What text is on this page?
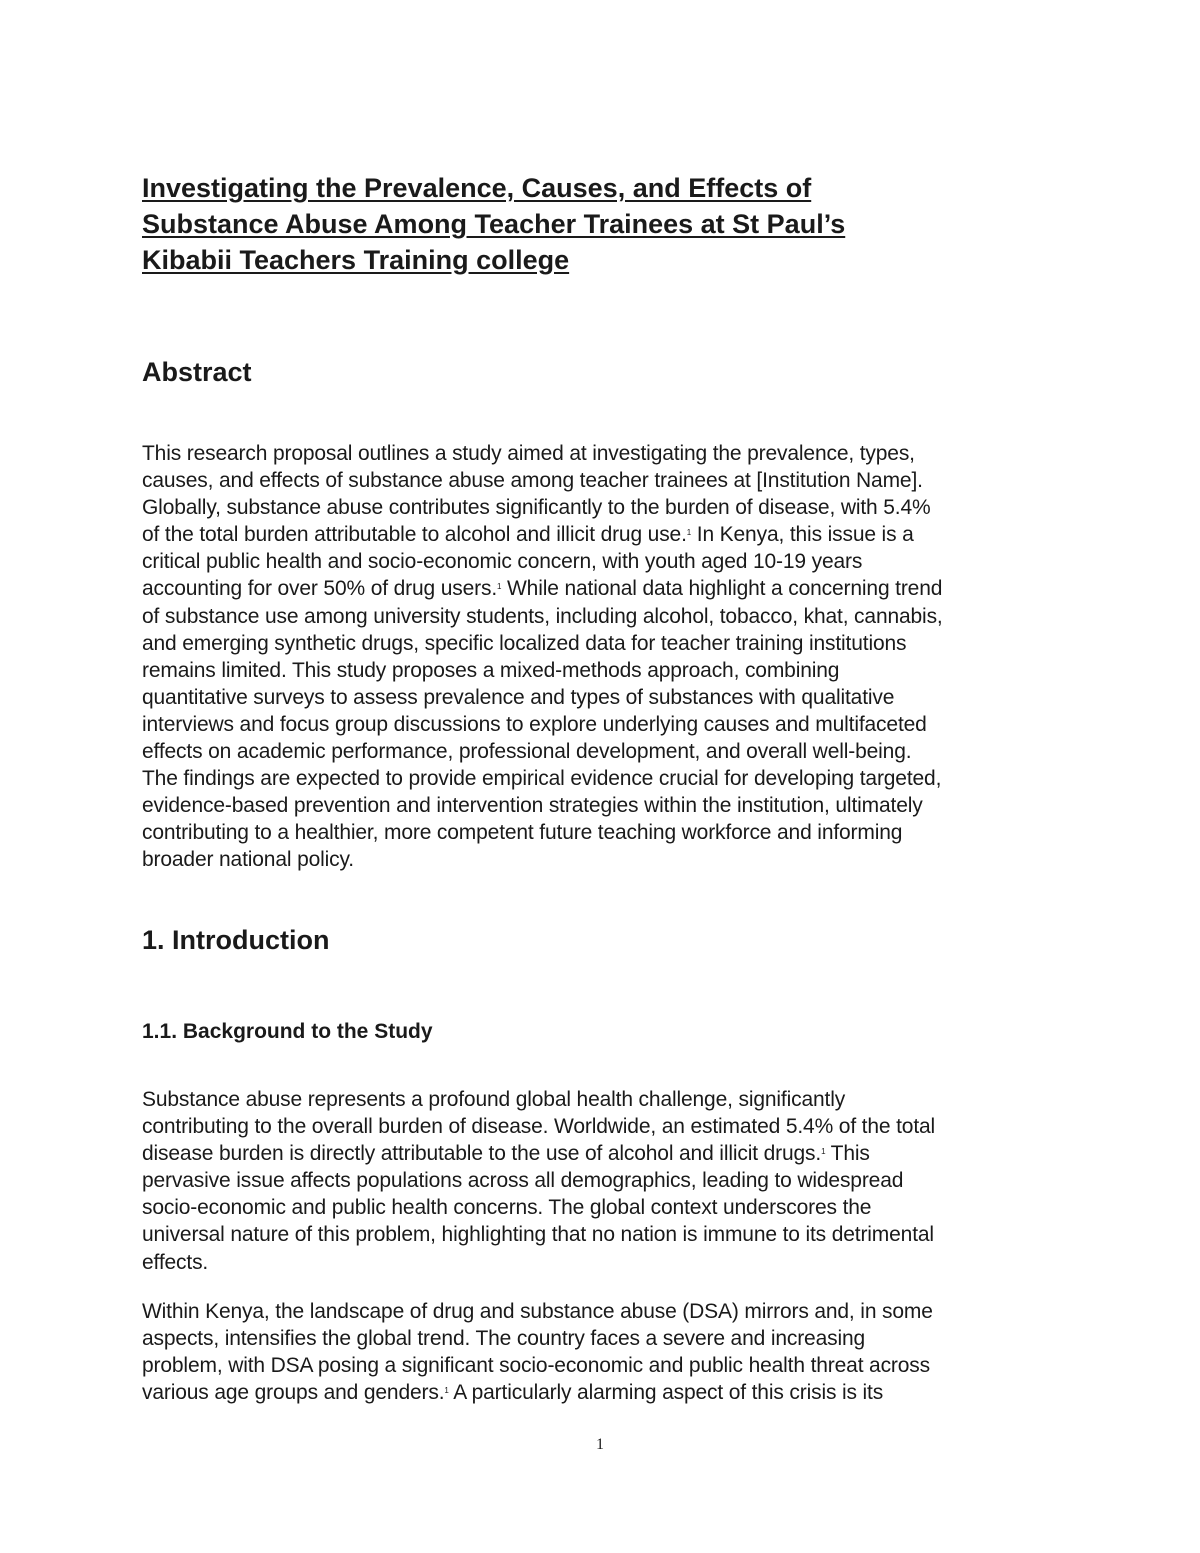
Investigating the Prevalence, Causes, and Effects of
Substance Abuse Among Teacher Trainees at St Paul’s
Kibabii Teachers Training college
Abstract

This research proposal outlines a study aimed at investigating the prevalence, types,
causes, and effects of substance abuse among teacher trainees at [Institution Name].
Globally, substance abuse contributes significantly to the burden of disease, with 5.4%
of the total burden attributable to alcohol and illicit drug use.$^1$ In Kenya, this issue is a
critical public health and socio-economic concern, with youth aged 10-19 years
accounting for over 50% of drug users.$^1$ While national data highlight a concerning trend
of substance use among university students, including alcohol, tobacco, khat, cannabis,
and emerging synthetic drugs, specific localized data for teacher training institutions
remains limited. This study proposes a mixed-methods approach, combining
quantitative surveys to assess prevalence and types of substances with qualitative
interviews and focus group discussions to explore underlying causes and multifaceted
effects on academic performance, professional development, and overall well-being.
The findings are expected to provide empirical evidence crucial for developing targeted,
evidence-based prevention and intervention strategies within the institution, ultimately
contributing to a healthier, more competent future teaching workforce and informing
broader national policy.

1. Introduction
1.1. Background to the Study

Substance abuse represents a profound global health challenge, significantly
contributing to the overall burden of disease. Worldwide, an estimated 5.4% of the total
disease burden is directly attributable to the use of alcohol and illicit drugs.$^1$ This
pervasive issue affects populations across all demographics, leading to widespread
socio-economic and public health concerns. The global context underscores the
universal nature of this problem, highlighting that no nation is immune to its detrimental
effects.

Within Kenya, the landscape of drug and substance abuse (DSA) mirrors and, in some
aspects, intensifies the global trend. The country faces a severe and increasing
problem, with DSA posing a significant socio-economic and public health threat across
various age groups and genders.$^1$ A particularly alarming aspect of this crisis is its

1
